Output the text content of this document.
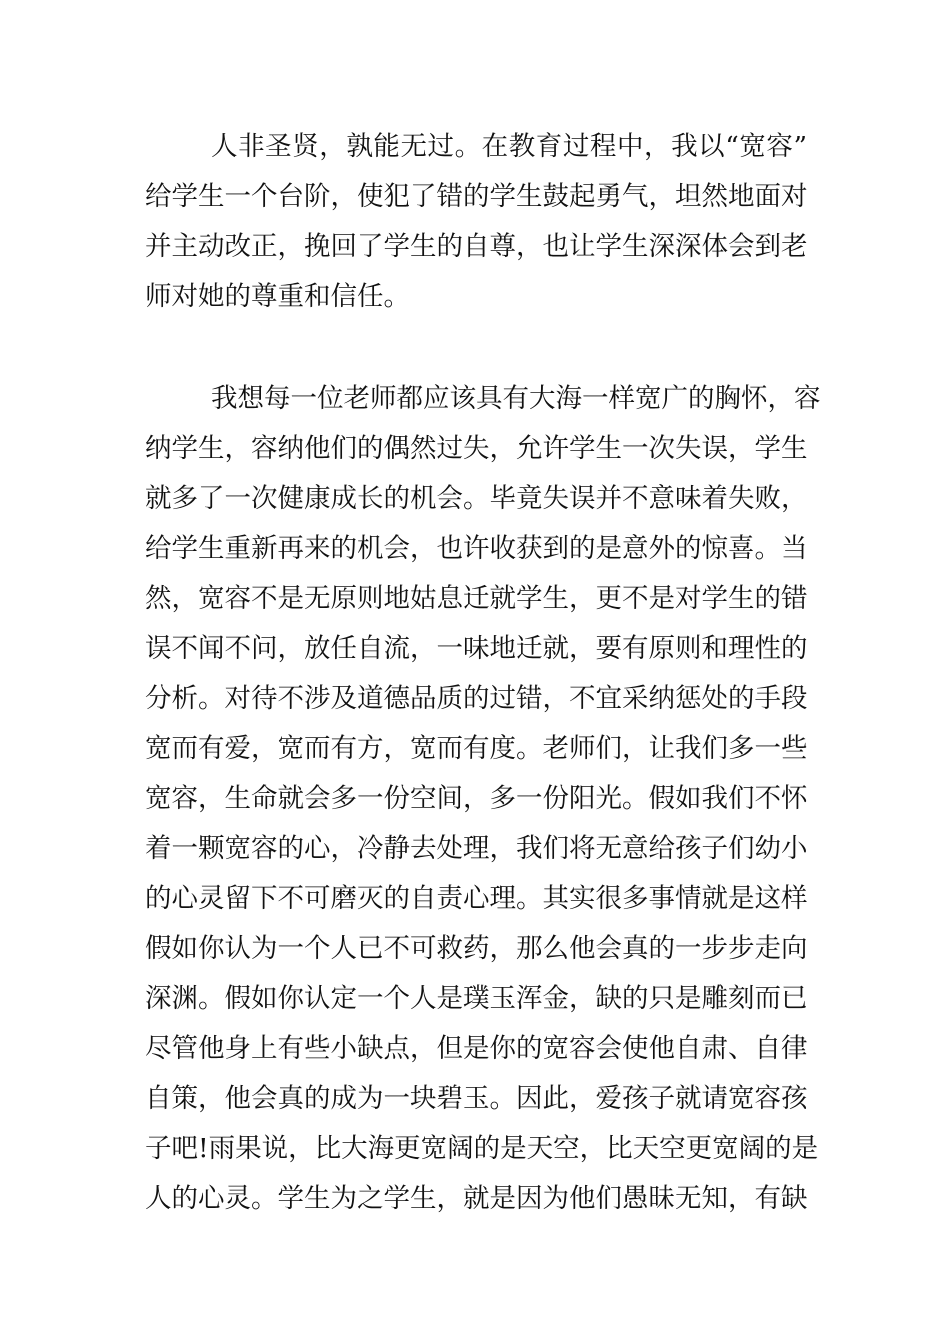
人非圣贤，孰能无过。在教育过程中，我以“宽容”
给学生一个台阶，使犯了错的学生鼓起勇气，坦然地面对
并主动改正，挽回了学生的自尊，也让学生深深体会到老
师对她的尊重和信任。
我想每一位老师都应该具有大海一样宽广的胸怀，容
纳学生，容纳他们的偶然过失，允许学生一次失误，学生
就多了一次健康成长的机会。毕竟失误并不意味着失败，
给学生重新再来的机会，也许收获到的是意外的惊喜。当
然，宽容不是无原则地姑息迁就学生，更不是对学生的错
误不闻不问，放任自流，一味地迁就，要有原则和理性的
分析。对待不涉及道德品质的过错，不宜采纳惩处的手段
宽而有爱，宽而有方，宽而有度。老师们，让我们多一些
宽容，生命就会多一份空间，多一份阳光。假如我们不怀
着一颗宽容的心，冷静去处理，我们将无意给孩子们幼小
的心灵留下不可磨灭的自责心理。其实很多事情就是这样
假如你认为一个人已不可救药，那么他会真的一步步走向
深渊。假如你认定一个人是璞玉浑金，缺的只是雕刻而已
尽管他身上有些小缺点，但是你的宽容会使他自肃、自律
自策，他会真的成为一块碧玉。因此，爱孩子就请宽容孩
子吧!雨果说，比大海更宽阔的是天空，比天空更宽阔的是
人的心灵。学生为之学生，就是因为他们愚昧无知，有缺
